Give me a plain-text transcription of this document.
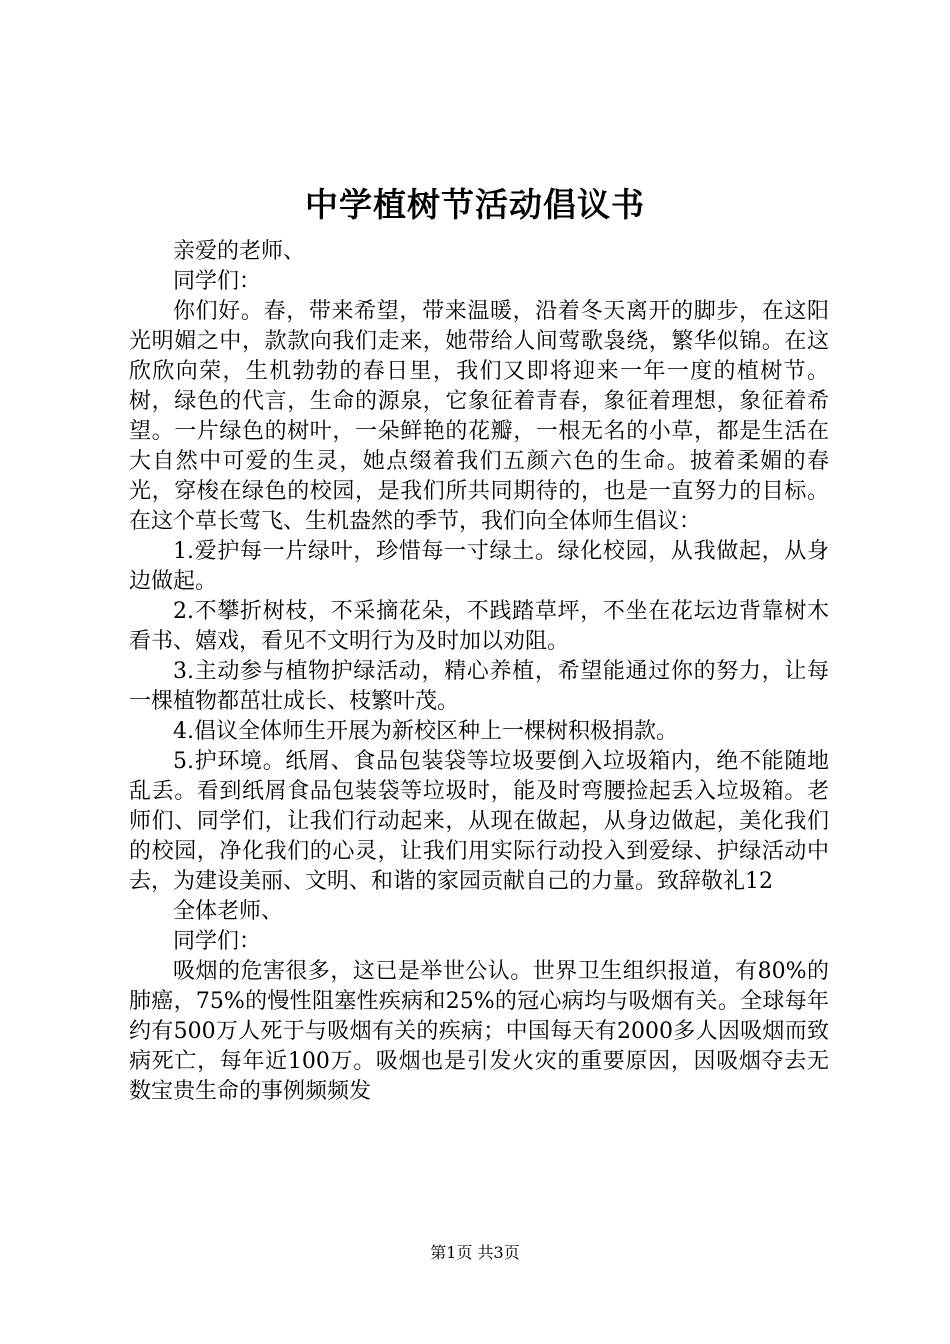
中学植树节活动倡议书

亲爱的老师、

同学们：

你们好。春，带来希望，带来温暖，沿着冬天离开的脚步，在这阳光明媚之中，款款向我们走来，她带给人间莺歌袅绕，繁华似锦。在这欣欣向荣，生机勃勃的春日里，我们又即将迎来一年一度的植树节。树，绿色的代言，生命的源泉，它象征着青春，象征着理想，象征着希望。一片绿色的树叶，一朵鲜艳的花瓣，一根无名的小草，都是生活在大自然中可爱的生灵，她点缀着我们五颜六色的生命。披着柔媚的春光，穿梭在绿色的校园，是我们所共同期待的，也是一直努力的目标。在这个草长莺飞、生机盎然的季节，我们向全体师生倡议：

1.爱护每一片绿叶，珍惜每一寸绿土。绿化校园，从我做起，从身边做起。

2.不攀折树枝，不采摘花朵，不践踏草坪，不坐在花坛边背靠树木看书、嬉戏，看见不文明行为及时加以劝阻。

3.主动参与植物护绿活动，精心养植，希望能通过你的努力，让每一棵植物都茁壮成长、枝繁叶茂。

4.倡议全体师生开展为新校区种上一棵树积极捐款。

5.护环境。纸屑、食品包装袋等垃圾要倒入垃圾箱内，绝不能随地乱丢。看到纸屑食品包装袋等垃圾时，能及时弯腰捡起丢入垃圾箱。老师们、同学们，让我们行动起来，从现在做起，从身边做起，美化我们的校园，净化我们的心灵，让我们用实际行动投入到爱绿、护绿活动中去，为建设美丽、文明、和谐的家园贡献自己的力量。致辞敬礼12

全体老师、

同学们：

吸烟的危害很多，这已是举世公认。世界卫生组织报道，有80%的肺癌，75%的慢性阻塞性疾病和25%的冠心病均与吸烟有关。全球每年约有500万人死于与吸烟有关的疾病；中国每天有2000多人因吸烟而致病死亡，每年近100万。吸烟也是引发火灾的重要原因，因吸烟夺去无数宝贵生命的事例频频发

第1页 共3页
